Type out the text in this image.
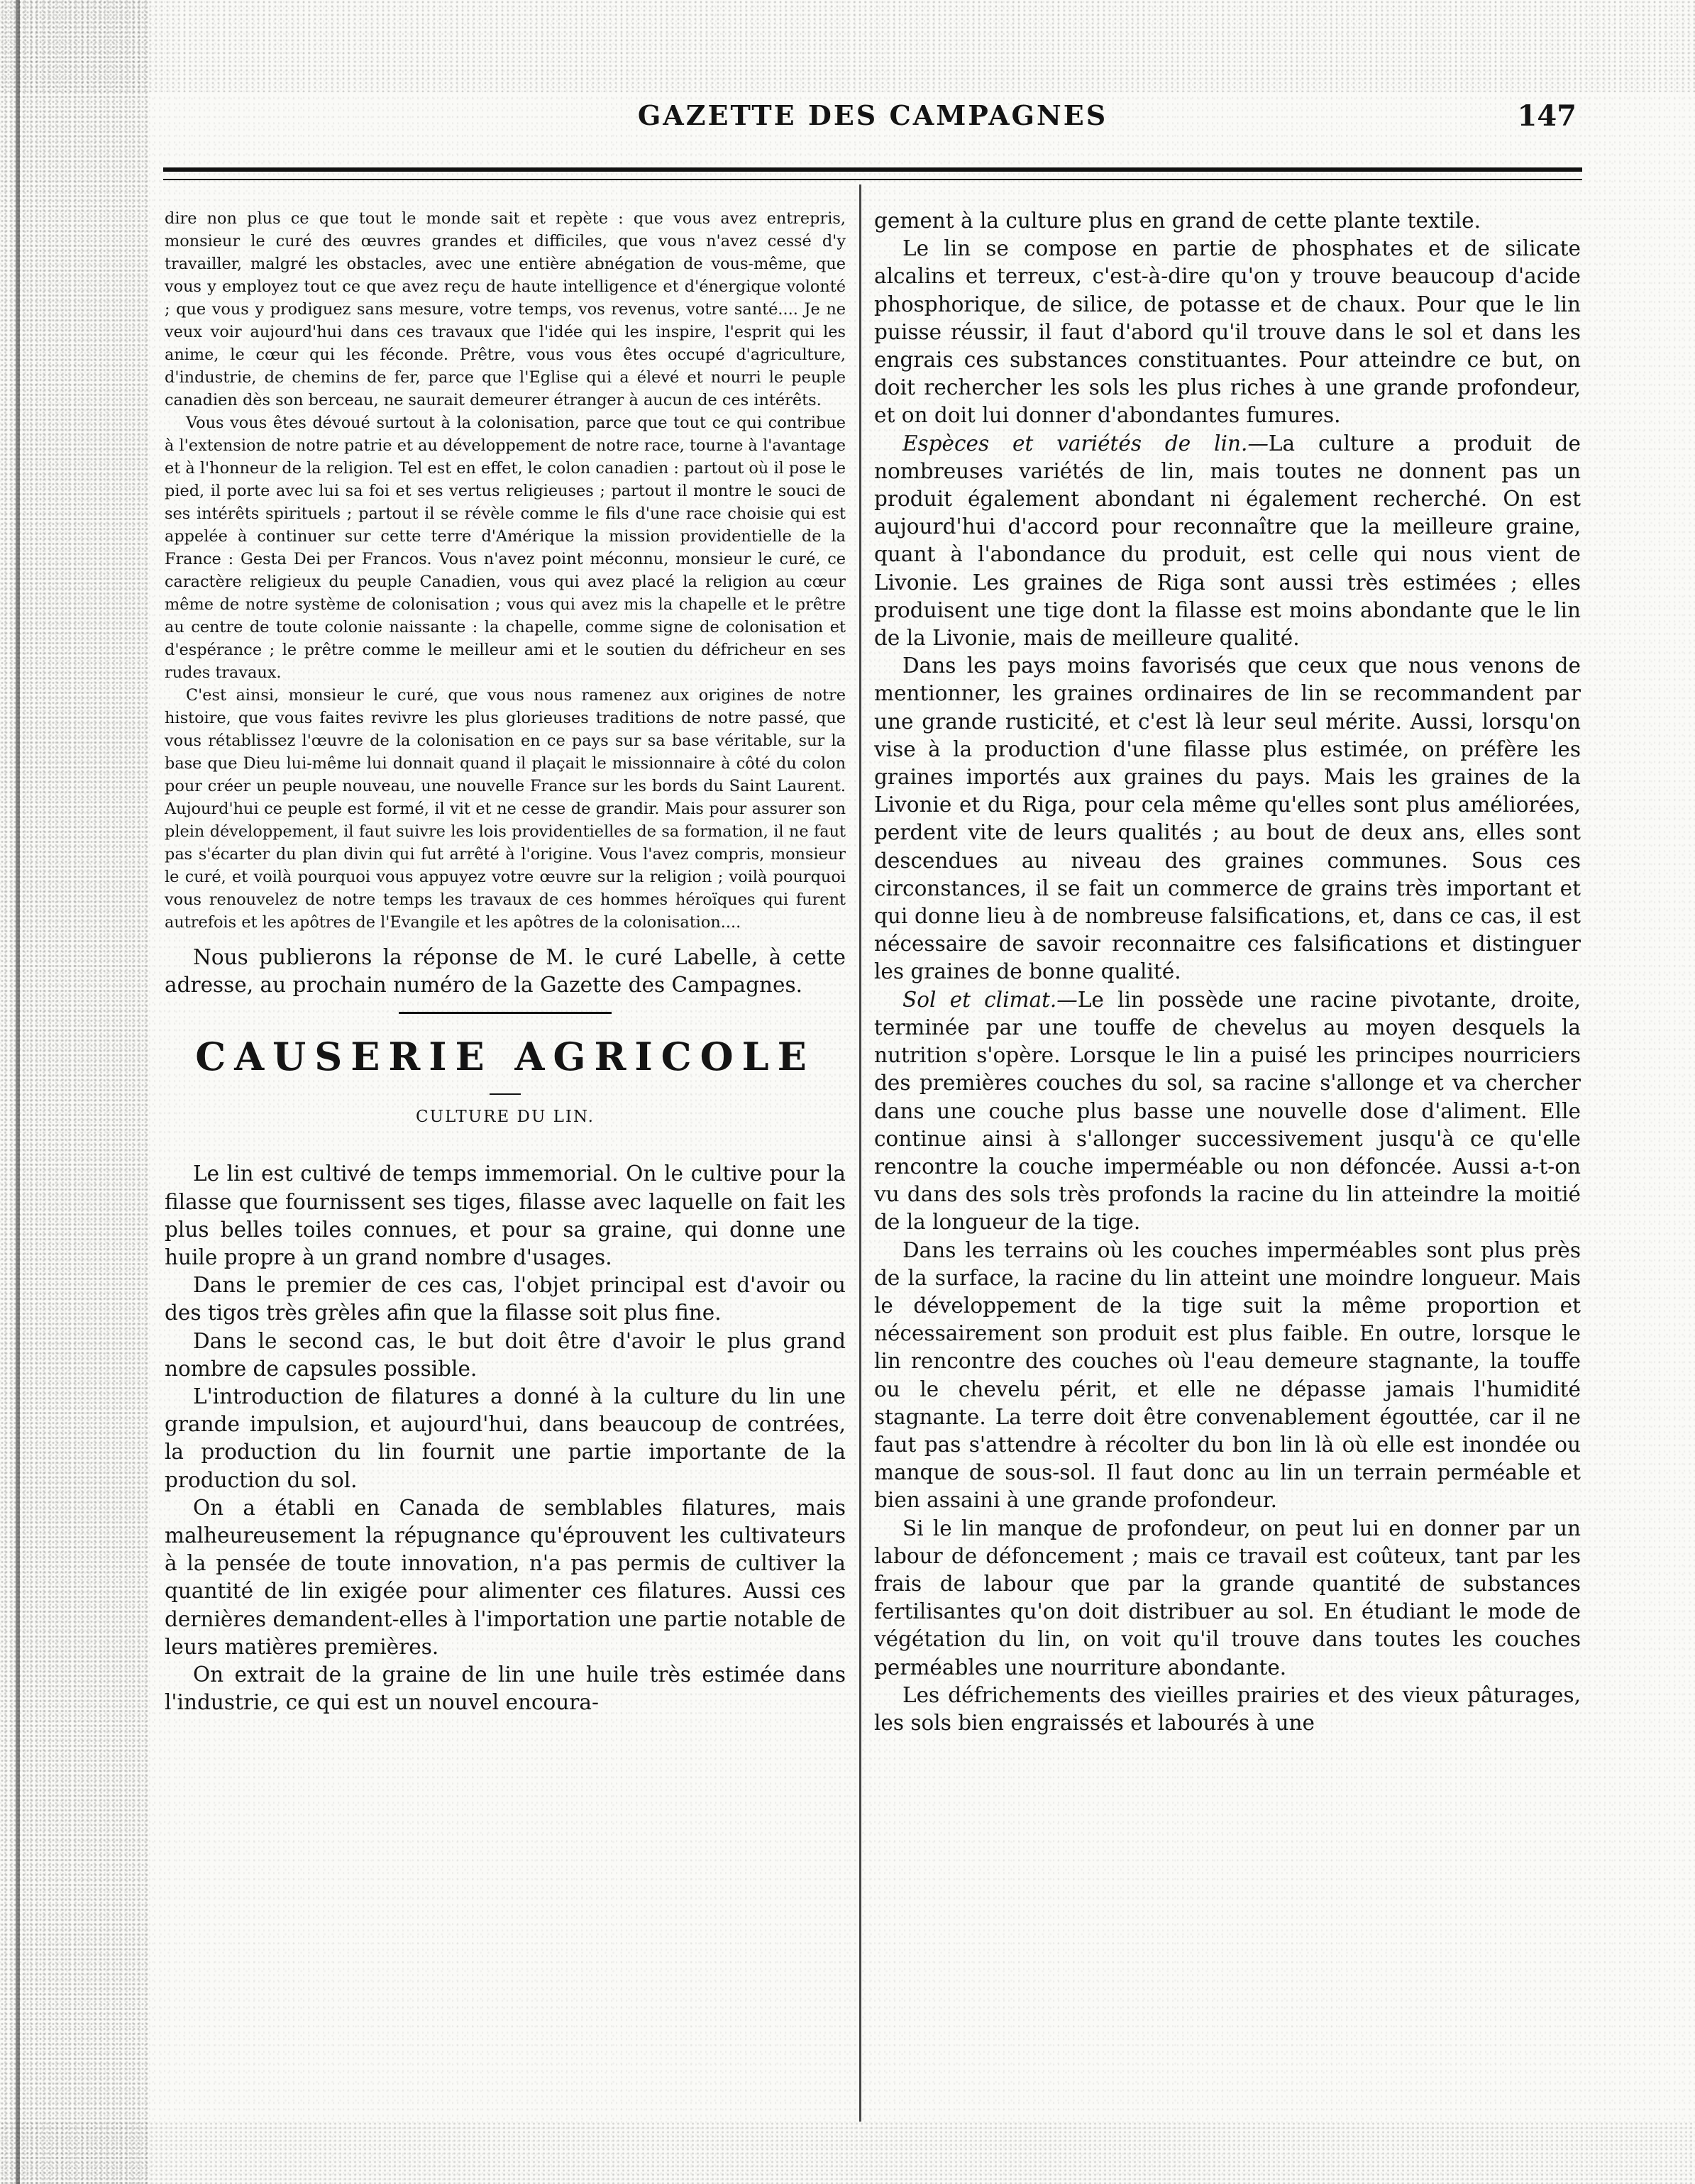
GAZETTE DES CAMPAGNES	147

dire non plus ce que tout le monde sait et repète : que vous avez entrepris, monsieur le curé des œuvres grandes et difficiles, que vous n'avez cessé d'y travailler, malgré les obstacles, avec une entière abnégation de vous-même, que vous y employez tout ce que avez reçu de haute intelligence et d'énergique volonté ; que vous y prodiguez sans mesure, votre temps, vos revenus, votre santé.... Je ne veux voir aujourd'hui dans ces travaux que l'idée qui les inspire, l'esprit qui les anime, le cœur qui les féconde. Prêtre, vous vous êtes occupé d'agriculture, d'industrie, de chemins de fer, parce que l'Eglise qui a élevé et nourri le peuple canadien dès son berceau, ne saurait demeurer étranger à aucun de ces intérêts.

Vous vous êtes dévoué surtout à la colonisation, parce que tout ce qui contribue à l'extension de notre patrie et au développement de notre race, tourne à l'avantage et à l'honneur de la religion. Tel est en effet, le colon canadien : partout où il pose le pied, il porte avec lui sa foi et ses vertus religieuses ; partout il montre le souci de ses intérêts spirituels ; partout il se révèle comme le fils d'une race choisie qui est appelée à continuer sur cette terre d'Amérique la mission providentielle de la France : Gesta Dei per Francos. Vous n'avez point méconnu, monsieur le curé, ce caractère religieux du peuple Canadien, vous qui avez placé la religion au cœur même de notre système de colonisation ; vous qui avez mis la chapelle et le prêtre au centre de toute colonie naissante : la chapelle, comme signe de colonisation et d'espérance ; le prêtre comme le meilleur ami et le soutien du défricheur en ses rudes travaux.

C'est ainsi, monsieur le curé, que vous nous ramenez aux origines de notre histoire, que vous faites revivre les plus glorieuses traditions de notre passé, que vous rétablissez l'œuvre de la colonisation en ce pays sur sa base véritable, sur la base que Dieu lui-même lui donnait quand il plaçait le missionnaire à côté du colon pour créer un peuple nouveau, une nouvelle France sur les bords du Saint Laurent. Aujourd'hui ce peuple est formé, il vit et ne cesse de grandir. Mais pour assurer son plein développement, il faut suivre les lois providentielles de sa formation, il ne faut pas s'écarter du plan divin qui fut arrêté à l'origine. Vous l'avez compris, monsieur le curé, et voilà pourquoi vous appuyez votre œuvre sur la religion ; voilà pourquoi vous renouvelez de notre temps les travaux de ces hommes héroïques qui furent autrefois et les apôtres de l'Evangile et les apôtres de la colonisation....

Nous publierons la réponse de M. le curé Labelle, à cette adresse, au prochain numéro de la Gazette des Campagnes.

CAUSERIE AGRICOLE
CULTURE DU LIN.

Le lin est cultivé de temps immemorial. On le cultive pour la filasse que fournissent ses tiges, filasse avec laquelle on fait les plus belles toiles connues, et pour sa graine, qui donne une huile propre à un grand nombre d'usages.

Dans le premier de ces cas, l'objet principal est d'avoir ou des tigos très grèles afin que la filasse soit plus fine.

Dans le second cas, le but doit être d'avoir le plus grand nombre de capsules possible.

L'introduction de filatures a donné à la culture du lin une grande impulsion, et aujourd'hui, dans beaucoup de contrées, la production du lin fournit une partie importante de la production du sol.

On a établi en Canada de semblables filatures, mais malheureusement la répugnance qu'éprouvent les cultivateurs à la pensée de toute innovation, n'a pas permis de cultiver la quantité de lin exigée pour alimenter ces filatures. Aussi ces dernières demandent-elles à l'importation une partie notable de leurs matières premières.

On extrait de la graine de lin une huile très estimée dans l'industrie, ce qui est un nouvel encoura-

gement à la culture plus en grand de cette plante textile.

Le lin se compose en partie de phosphates et de silicate alcalins et terreux, c'est-à-dire qu'on y trouve beaucoup d'acide phosphorique, de silice, de potasse et de chaux. Pour que le lin puisse réussir, il faut d'abord qu'il trouve dans le sol et dans les engrais ces substances constituantes. Pour atteindre ce but, on doit rechercher les sols les plus riches à une grande profondeur, et on doit lui donner d'abondantes fumures.

Espèces et variétés de lin.—La culture a produit de nombreuses variétés de lin, mais toutes ne donnent pas un produit également abondant ni également recherché. On est aujourd'hui d'accord pour reconnaître que la meilleure graine, quant à l'abondance du produit, est celle qui nous vient de Livonie. Les graines de Riga sont aussi très estimées ; elles produisent une tige dont la filasse est moins abondante que le lin de la Livonie, mais de meilleure qualité.

Dans les pays moins favorisés que ceux que nous venons de mentionner, les graines ordinaires de lin se recommandent par une grande rusticité, et c'est là leur seul mérite. Aussi, lorsqu'on vise à la production d'une filasse plus estimée, on préfère les graines importés aux graines du pays. Mais les graines de la Livonie et du Riga, pour cela même qu'elles sont plus améliorées, perdent vite de leurs qualités ; au bout de deux ans, elles sont descendues au niveau des graines communes. Sous ces circonstances, il se fait un commerce de grains très important et qui donne lieu à de nombreuse falsifications, et, dans ce cas, il est nécessaire de savoir reconnaitre ces falsifications et distinguer les graines de bonne qualité.

Sol et climat.—Le lin possède une racine pivotante, droite, terminée par une touffe de chevelus au moyen desquels la nutrition s'opère. Lorsque le lin a puisé les principes nourriciers des premières couches du sol, sa racine s'allonge et va chercher dans une couche plus basse une nouvelle dose d'aliment. Elle continue ainsi à s'allonger successivement jusqu'à ce qu'elle rencontre la couche imperméable ou non défoncée. Aussi a-t-on vu dans des sols très profonds la racine du lin atteindre la moitié de la longueur de la tige.

Dans les terrains où les couches imperméables sont plus près de la surface, la racine du lin atteint une moindre longueur. Mais le développement de la tige suit la même proportion et nécessairement son produit est plus faible. En outre, lorsque le lin rencontre des couches où l'eau demeure stagnante, la touffe ou le chevelu périt, et elle ne dépasse jamais l'humidité stagnante. La terre doit être convenablement égouttée, car il ne faut pas s'attendre à récolter du bon lin là où elle est inondée ou manque de sous-sol. Il faut donc au lin un terrain perméable et bien assaini à une grande profondeur.

Si le lin manque de profondeur, on peut lui en donner par un labour de défoncement ; mais ce travail est coûteux, tant par les frais de labour que par la grande quantité de substances fertilisantes qu'on doit distribuer au sol. En étudiant le mode de végétation du lin, on voit qu'il trouve dans toutes les couches perméables une nourriture abondante.

Les défrichements des vieilles prairies et des vieux pâturages, les sols bien engraissés et labourés à une
